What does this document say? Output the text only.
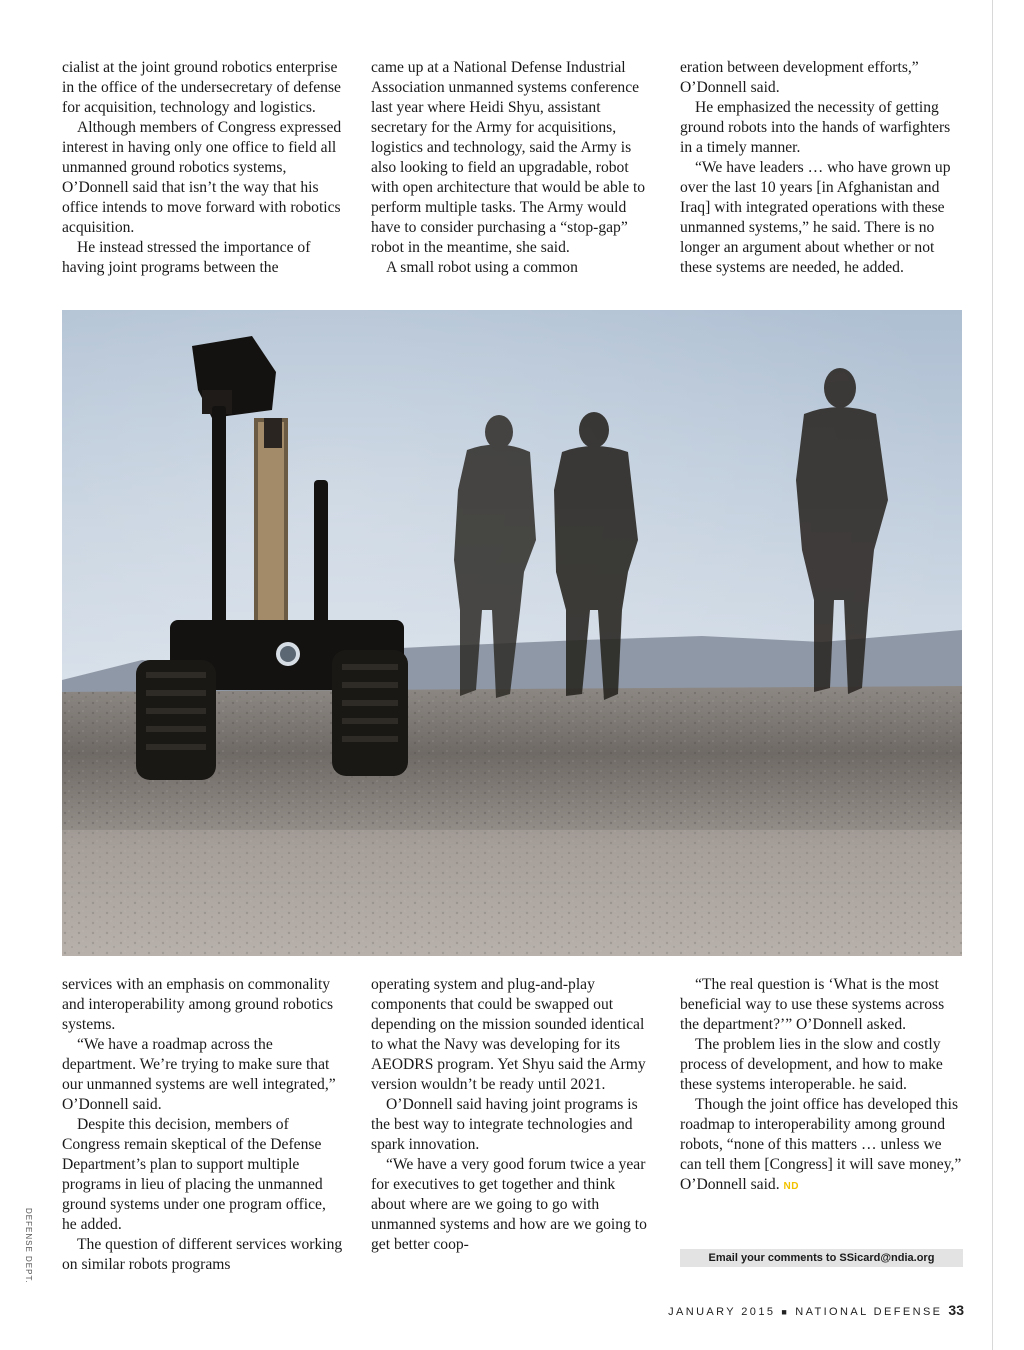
cialist at the joint ground robotics enterprise in the office of the undersecretary of defense for acquisition, technology and logistics.

Although members of Congress expressed interest in having only one office to field all unmanned ground robotics systems, O’Donnell said that isn’t the way that his office intends to move forward with robotics acquisition.

He instead stressed the importance of having joint programs between the

came up at a National Defense Industrial Association unmanned systems conference last year where Heidi Shyu, assistant secretary for the Army for acquisitions, logistics and technology, said the Army is also looking to field an upgradable, robot with open architecture that would be able to perform multiple tasks. The Army would have to consider purchasing a “stop-gap” robot in the meantime, she said.

A small robot using a common

eration between development efforts,” O’Donnell said.

He emphasized the necessity of getting ground robots into the hands of warfighters in a timely manner.

“We have leaders … who have grown up over the last 10 years [in Afghanistan and Iraq] with integrated operations with these unmanned systems,” he said. There is no longer an argument about whether or not these systems are needed, he added.

DEFENSE DEPT.

services with an emphasis on commonality and interoperability among ground robotics systems.

“We have a roadmap across the department. We’re trying to make sure that our unmanned systems are well integrated,” O’Donnell said.

Despite this decision, members of Congress remain skeptical of the Defense Department’s plan to support multiple programs in lieu of placing the unmanned ground systems under one program office, he added.

The question of different services working on similar robots programs

operating system and plug-and-play components that could be swapped out depending on the mission sounded identical to what the Navy was developing for its AEODRS program. Yet Shyu said the Army version wouldn’t be ready until 2021.

O’Donnell said having joint programs is the best way to integrate technologies and spark innovation.

“We have a very good forum twice a year for executives to get together and think about where are we going to go with unmanned systems and how are we going to get better coop-

“The real question is ‘What is the most beneficial way to use these systems across the department?’” O’Donnell asked.

The problem lies in the slow and costly process of development, and how to make these systems interoperable. he said.

Though the joint office has developed this roadmap to interoperability among ground robots, “none of this matters … unless we can tell them [Congress] it will save money,” O’Donnell said. ND

Email your comments to SSicard@ndia.org
JANUARY 2015 ■ NATIONAL DEFENSE 33
